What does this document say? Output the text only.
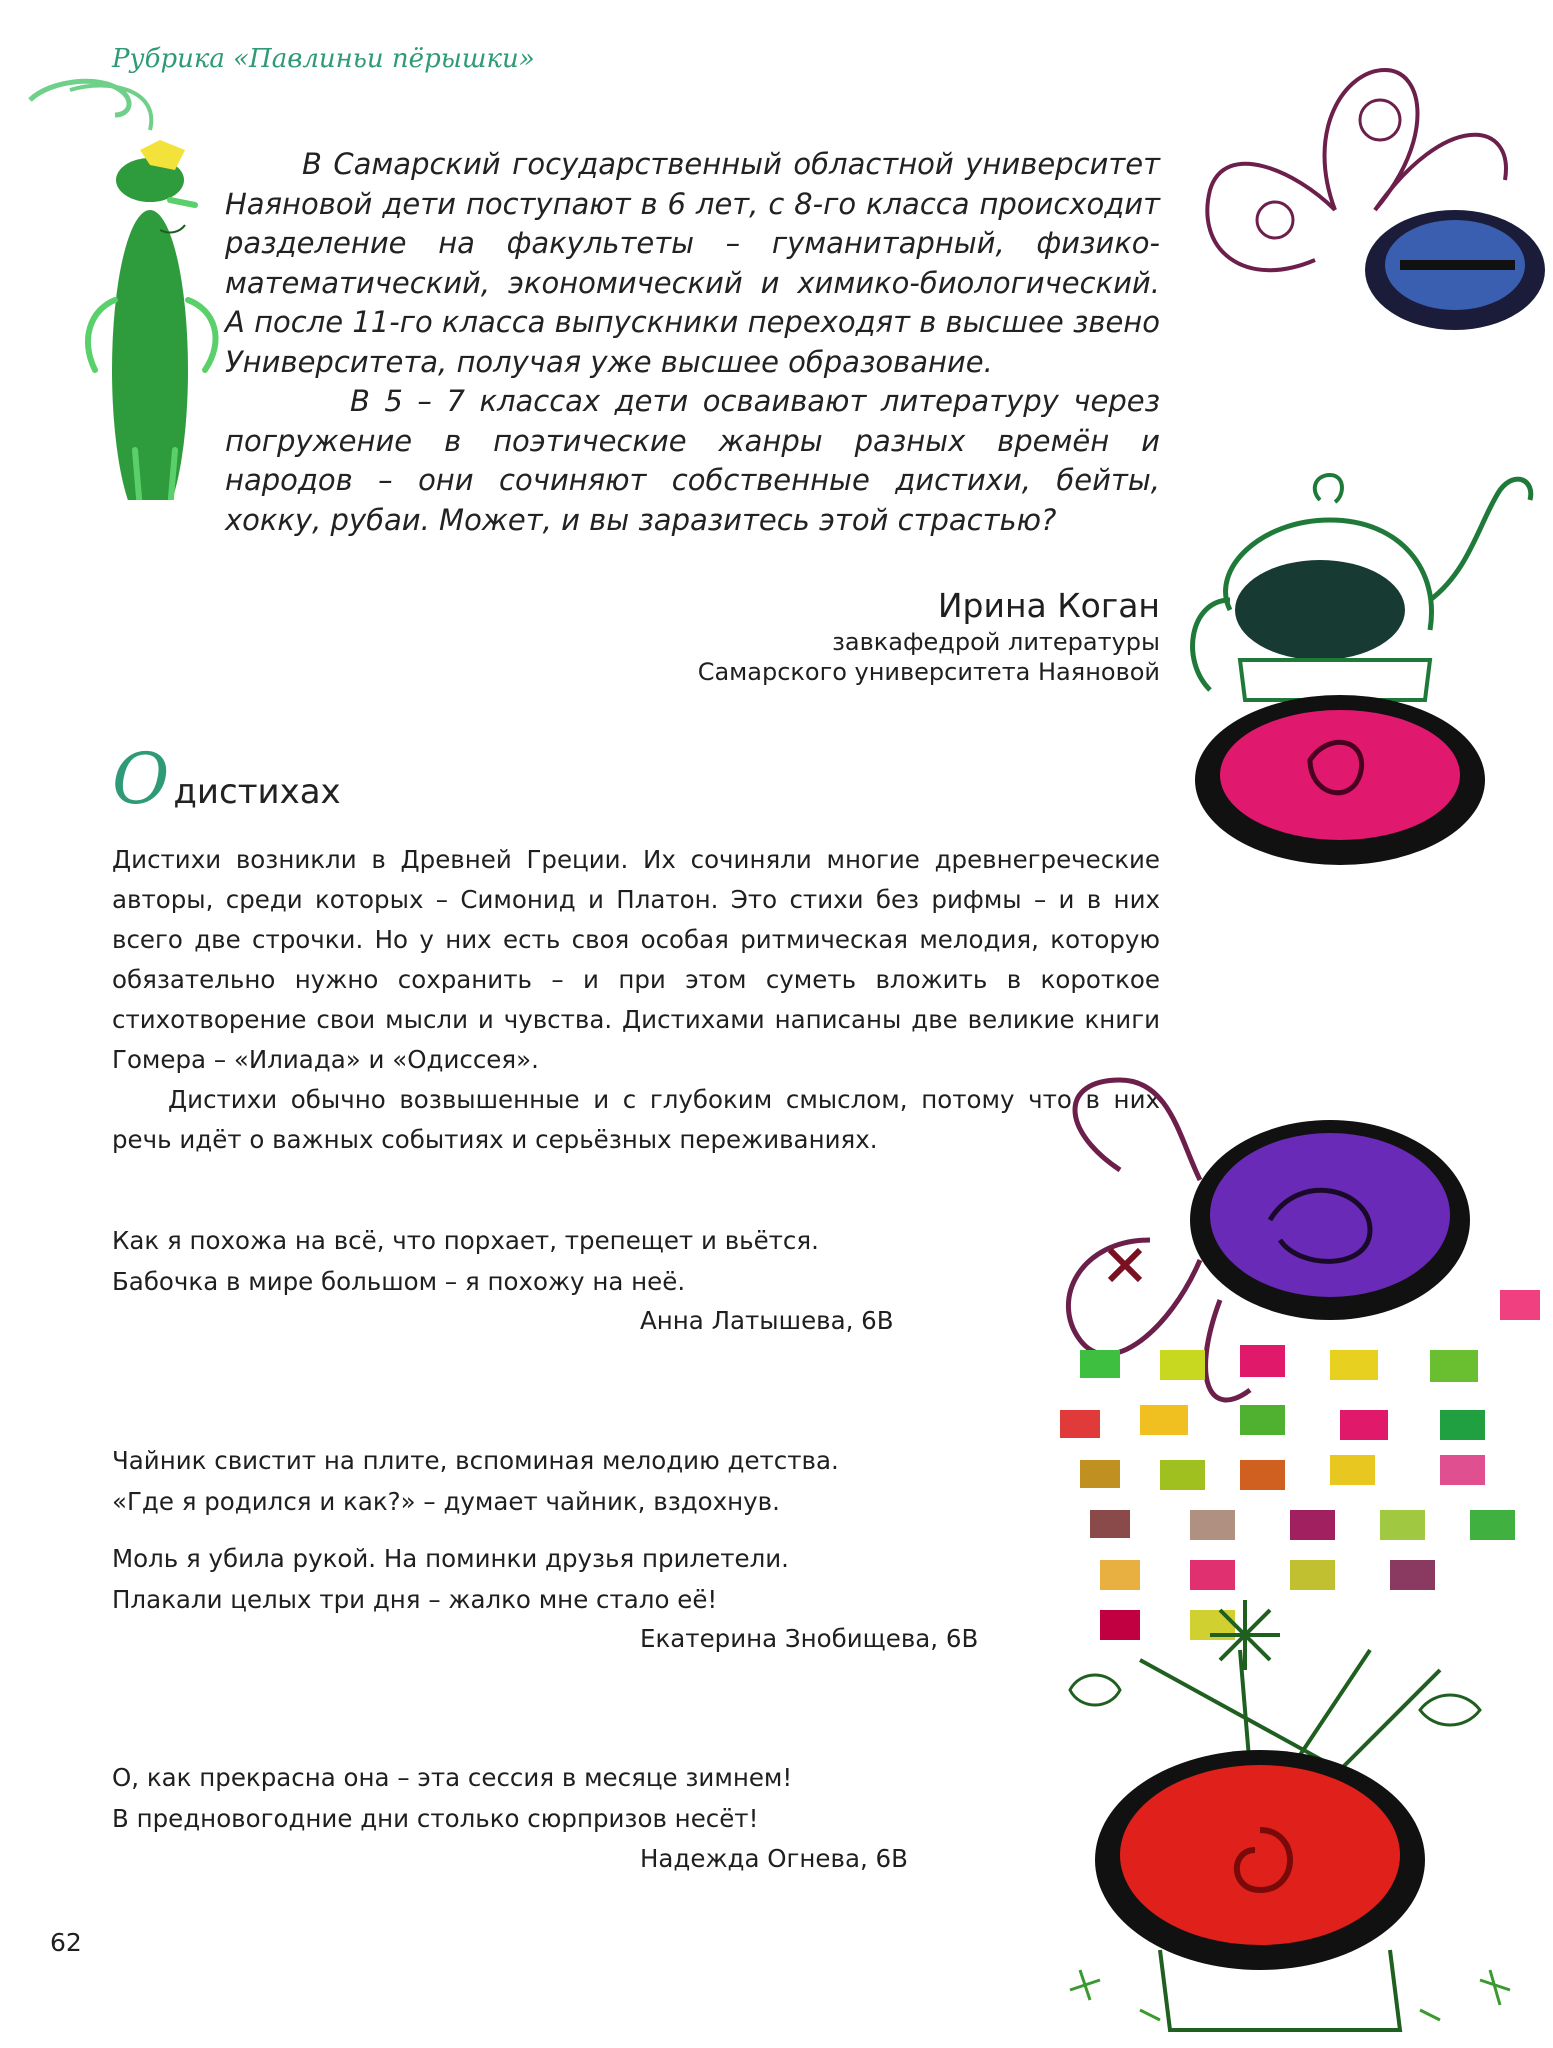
Рубрика «Павлиньи пёрышки»

В Самарский государственный областной университет Наяновой дети поступают в 6 лет, с 8-го класса происходит разделение на факультеты – гуманитарный, физико-математический, экономический и химико-биологический. А после 11-го класса выпускники переходят в высшее звено Университета, получая уже высшее образование.

В 5 – 7 классах дети осваивают литературу через погружение в поэтические жанры разных времён и народов – они сочиняют собственные дистихи, бейты, хокку, рубаи. Может, и вы заразитесь этой страстью?

Ирина Коган
завкафедрой литературы
Самарского университета Наяновой
Одистихах

Дистихи возникли в Древней Греции. Их сочиняли многие древнегреческие авторы, среди которых – Симонид и Платон. Это стихи без рифмы – и в них всего две строчки. Но у них есть своя особая ритмическая мелодия, которую обязательно нужно сохранить – и при этом суметь вложить в короткое стихотворение свои мысли и чувства. Дистихами написаны две великие книги Гомера – «Илиада» и «Одиссея».

Дистихи обычно возвышенные и с глубоким смыслом, потому что в них речь идёт о важных событиях и серьёзных переживаниях.

Как я похожа на всё, что порхает, трепещет и вьётся.
Бабочка в мире большом – я похожу на неё.
Анна Латышева, 6В
Чайник свистит на плите, вспоминая мелодию детства.
«Где я родился и как?» – думает чайник, вздохнув.
Моль я убила рукой. На поминки друзья прилетели.
Плакали целых три дня – жалко мне стало её!
Екатерина Знобищева, 6В
О, как прекрасна она – эта сессия в месяце зимнем!
В предновогодние дни столько сюрпризов несёт!
Надежда Огнева, 6В
62
